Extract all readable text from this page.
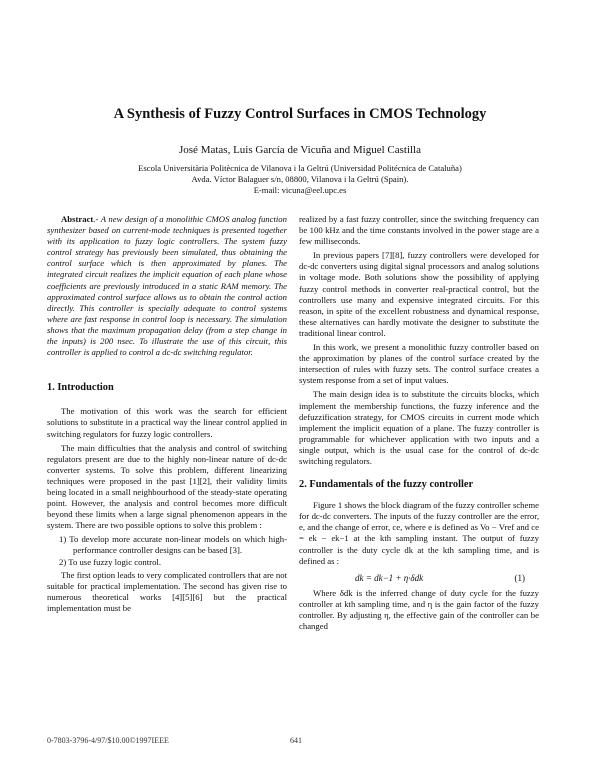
A Synthesis of Fuzzy Control Surfaces in CMOS Technology
José Matas, Luis García de Vicuña and Miguel Castilla
Escola Universitària Politècnica de Vilanova i la Geltrú (Universidad Politécnica de Cataluña)
Avda. Víctor Balaguer s/n, 08800, Vilanova i la Geltrú (Spain).
E-mail: vicuna@eel.upc.es

Abstract.- A new design of a monolithic CMOS analog function synthesizer based on current-mode techniques is presented together with its application to fuzzy logic controllers. The system fuzzy control strategy has previously been simulated, thus obtaining the control surface which is then approximated by planes. The integrated circuit realizes the implicit equation of each plane whose coefficients are previously introduced in a static RAM memory. The approximated control surface allows us to obtain the control action directly. This controller is specially adequate to control systems where are fast response in control loop is necessary. The simulation shows that the maximum propagation delay (from a step change in the inputs) is 200 nsec. To illustrate the use of this circuit, this controller is applied to control a dc-dc switching regulator.

1. Introduction

The motivation of this work was the search for efficient solutions to substitute in a practical way the linear control applied in switching regulators for fuzzy logic controllers.

The main difficulties that the analysis and control of switching regulators present are due to the highly non-linear nature of dc-dc converter systems. To solve this problem, different linearizing techniques were proposed in the past [1][2], their validity limits being located in a small neighbourhood of the steady-state operating point. However, the analysis and control becomes more difficult beyond these limits when a large signal phenomenon appears in the system. There are two possible options to solve this problem :

1) To develop more accurate non-linear models on which high-performance controller designs can be based [3].
2) To use fuzzy logic control.

The first option leads to very complicated controllers that are not suitable for practical implementation. The second has given rise to numerous theoretical works [4][5][6] but the practical implementation must be

realized by a fast fuzzy controller, since the switching frequency can be 100 kHz and the time constants involved in the power stage are a few milliseconds.

In previous papers [7][8], fuzzy controllers were developed for dc-dc converters using digital signal processors and analog solutions in voltage mode. Both solutions show the possibility of applying fuzzy control methods in converter real-practical control, but the controllers use many and expensive integrated circuits. For this reason, in spite of the excellent robustness and dynamical response, these alternatives can hardly motivate the designer to substitute the traditional linear control.

In this work, we present a monolithic fuzzy controller based on the approximation by planes of the control surface created by the intersection of rules with fuzzy sets. The control surface creates a system response from a set of input values.

The main design idea is to substitute the circuits blocks, which implement the membership functions, the fuzzy inference and the defuzzification strategy, for CMOS circuits in current mode which implement the implicit equation of a plane. The fuzzy controller is programmable for whichever application with two inputs and a single output, which is the usual case for the control of dc-dc switching regulators.

2. Fundamentals of the fuzzy controller

Figure 1 shows the block diagram of the fuzzy controller scheme for dc-dc converters. The inputs of the fuzzy controller are the error, e, and the change of error, ce, where e is defined as Vo − Vref and ce = ek − ek−1 at the kth sampling instant. The output of fuzzy controller is the duty cycle dk at the kth sampling time, and is defined as :

dk = dk−1 + η·δdk	(1)

Where δdk is the inferred change of duty cycle for the fuzzy controller at kth sampling time, and η is the gain factor of the fuzzy controller. By adjusting η, the effective gain of the controller can be changed

0-7803-3796-4/97/$10.00©1997IEEE	641
